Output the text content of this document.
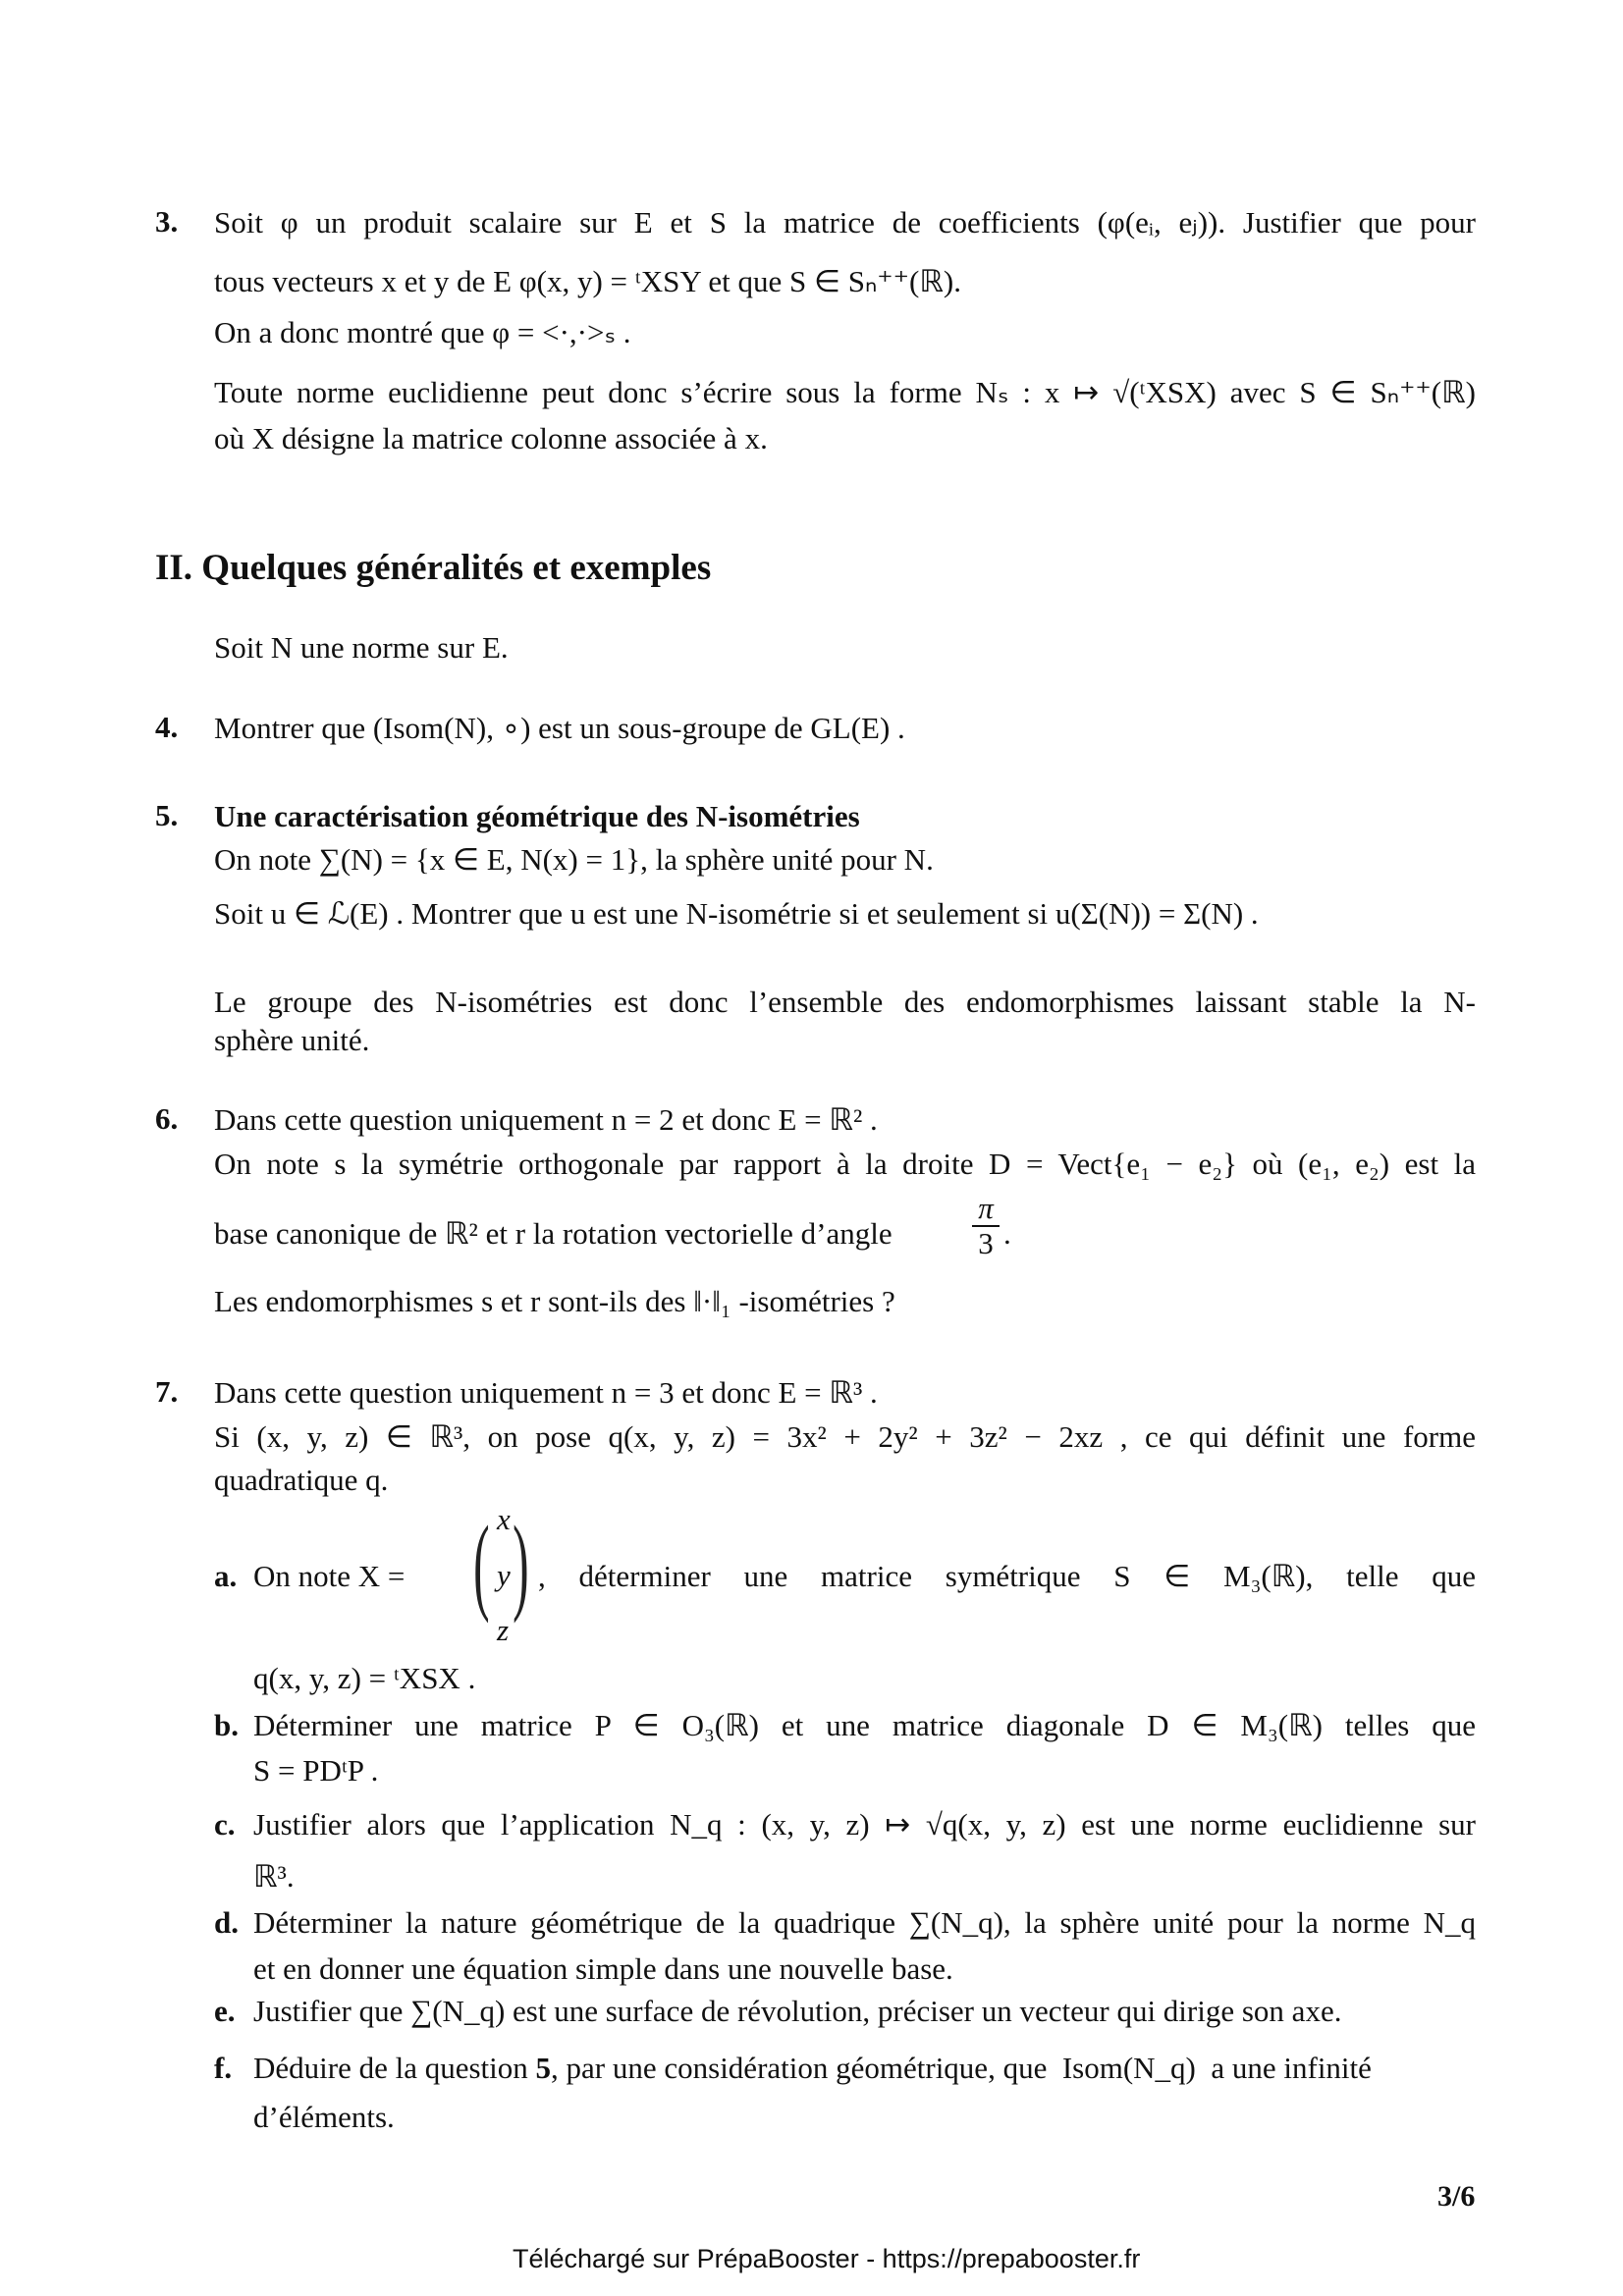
3. Soit φ un produit scalaire sur E et S la matrice de coefficients (φ(eᵢ, eⱼ)). Justifier que pour
tous vecteurs x et y de E φ(x, y) = ᵗXSY et que S ∈ Sₙ⁺⁺(ℝ).
On a donc montré que φ = <·,·>ₛ .
Toute norme euclidienne peut donc s’écrire sous la forme Nₛ : x ↦ √(ᵗXSX) avec S ∈ Sₙ⁺⁺(ℝ)
où X désigne la matrice colonne associée à x.
II. Quelques généralités et exemples
Soit N une norme sur E.
4. Montrer que (Isom(N), ∘) est un sous-groupe de GL(E) .
5. Une caractérisation géométrique des N-isométries
On note ∑(N) = {x ∈ E, N(x) = 1}, la sphère unité pour N.
Soit u ∈ ℒ(E) . Montrer que u est une N-isométrie si et seulement si u(Σ(N)) = Σ(N) .
Le groupe des N-isométries est donc l’ensemble des endomorphismes laissant stable la N-
sphère unité.
6. Dans cette question uniquement n = 2 et donc E = ℝ² .
On note s la symétrie orthogonale par rapport à la droite D = Vect{e₁ − e₂} où (e₁, e₂) est la
base canonique de ℝ² et r la rotation vectorielle d’angle	$\frac{\pi}{3}$ .
Les endomorphismes s et r sont-ils des ‖·‖₁ -isométries ?
7. Dans cette question uniquement n = 3 et donc E = ℝ³ .
Si (x, y, z) ∈ ℝ³, on pose q(x, y, z) = 3x² + 2y² + 3z² − 2xz , ce qui définit une forme
quadratique q.
a. On note X = ( x
y
z
) , déterminer une matrice symétrique S ∈ M₃(ℝ), telle que
q(x, y, z) = ᵗXSX .
b. Déterminer une matrice P ∈ O₃(ℝ) et une matrice diagonale D ∈ M₃(ℝ) telles que
S = PDᵗP .
c. Justifier alors que l’application N_q : (x, y, z) ↦ √q(x, y, z) est une norme euclidienne sur
ℝ³.
d. Déterminer la nature géométrique de la quadrique ∑(N_q), la sphère unité pour la norme N_q
et en donner une équation simple dans une nouvelle base.
e. Justifier que ∑(N_q) est une surface de révolution, préciser un vecteur qui dirige son axe.
f. Déduire de la question 5 , par une considération géométrique, que  Isom(N_q)  a une infinité
d’éléments.
3/6
Téléchargé sur PrépaBooster - https://prepabooster.fr
